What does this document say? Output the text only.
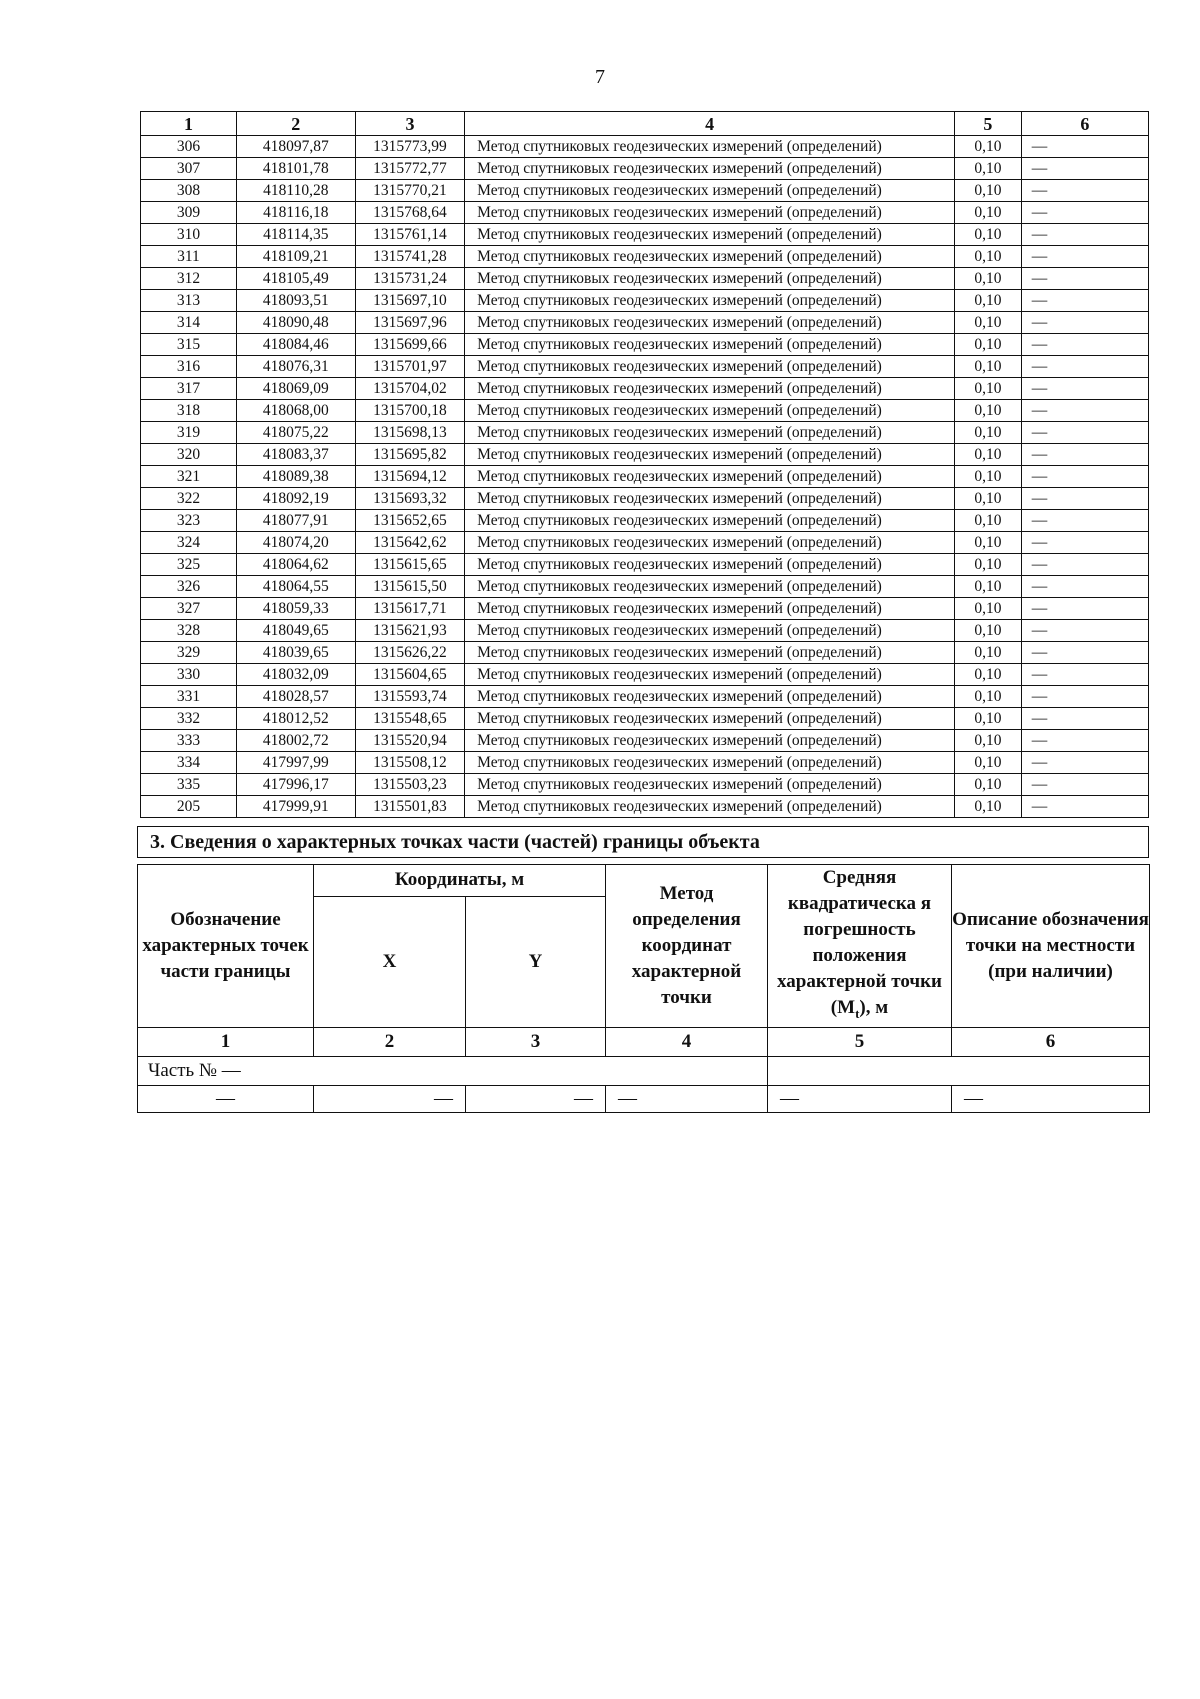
7
1	2	3	4	5	6
306	418097,87	1315773,99	Метод спутниковых геодезических измерений (определений)	0,10	—
307	418101,78	1315772,77	Метод спутниковых геодезических измерений (определений)	0,10	—
308	418110,28	1315770,21	Метод спутниковых геодезических измерений (определений)	0,10	—
309	418116,18	1315768,64	Метод спутниковых геодезических измерений (определений)	0,10	—
310	418114,35	1315761,14	Метод спутниковых геодезических измерений (определений)	0,10	—
311	418109,21	1315741,28	Метод спутниковых геодезических измерений (определений)	0,10	—
312	418105,49	1315731,24	Метод спутниковых геодезических измерений (определений)	0,10	—
313	418093,51	1315697,10	Метод спутниковых геодезических измерений (определений)	0,10	—
314	418090,48	1315697,96	Метод спутниковых геодезических измерений (определений)	0,10	—
315	418084,46	1315699,66	Метод спутниковых геодезических измерений (определений)	0,10	—
316	418076,31	1315701,97	Метод спутниковых геодезических измерений (определений)	0,10	—
317	418069,09	1315704,02	Метод спутниковых геодезических измерений (определений)	0,10	—
318	418068,00	1315700,18	Метод спутниковых геодезических измерений (определений)	0,10	—
319	418075,22	1315698,13	Метод спутниковых геодезических измерений (определений)	0,10	—
320	418083,37	1315695,82	Метод спутниковых геодезических измерений (определений)	0,10	—
321	418089,38	1315694,12	Метод спутниковых геодезических измерений (определений)	0,10	—
322	418092,19	1315693,32	Метод спутниковых геодезических измерений (определений)	0,10	—
323	418077,91	1315652,65	Метод спутниковых геодезических измерений (определений)	0,10	—
324	418074,20	1315642,62	Метод спутниковых геодезических измерений (определений)	0,10	—
325	418064,62	1315615,65	Метод спутниковых геодезических измерений (определений)	0,10	—
326	418064,55	1315615,50	Метод спутниковых геодезических измерений (определений)	0,10	—
327	418059,33	1315617,71	Метод спутниковых геодезических измерений (определений)	0,10	—
328	418049,65	1315621,93	Метод спутниковых геодезических измерений (определений)	0,10	—
329	418039,65	1315626,22	Метод спутниковых геодезических измерений (определений)	0,10	—
330	418032,09	1315604,65	Метод спутниковых геодезических измерений (определений)	0,10	—
331	418028,57	1315593,74	Метод спутниковых геодезических измерений (определений)	0,10	—
332	418012,52	1315548,65	Метод спутниковых геодезических измерений (определений)	0,10	—
333	418002,72	1315520,94	Метод спутниковых геодезических измерений (определений)	0,10	—
334	417997,99	1315508,12	Метод спутниковых геодезических измерений (определений)	0,10	—
335	417996,17	1315503,23	Метод спутниковых геодезических измерений (определений)	0,10	—
205	417999,91	1315501,83	Метод спутниковых геодезических измерений (определений)	0,10	—
3. Сведения о характерных точках части (частей) границы объекта
Обозначение характерных точек части границы	Координаты, м		Метод определения координат характерной точки	Средняя квадратическа я погрешность положения характерной точки $(M_t)$, м	Описание обозначения точки на местности (при наличии)
	X	Y			
1	2	3	4	5	6
Часть № —					
—	—	—	—	—	—
